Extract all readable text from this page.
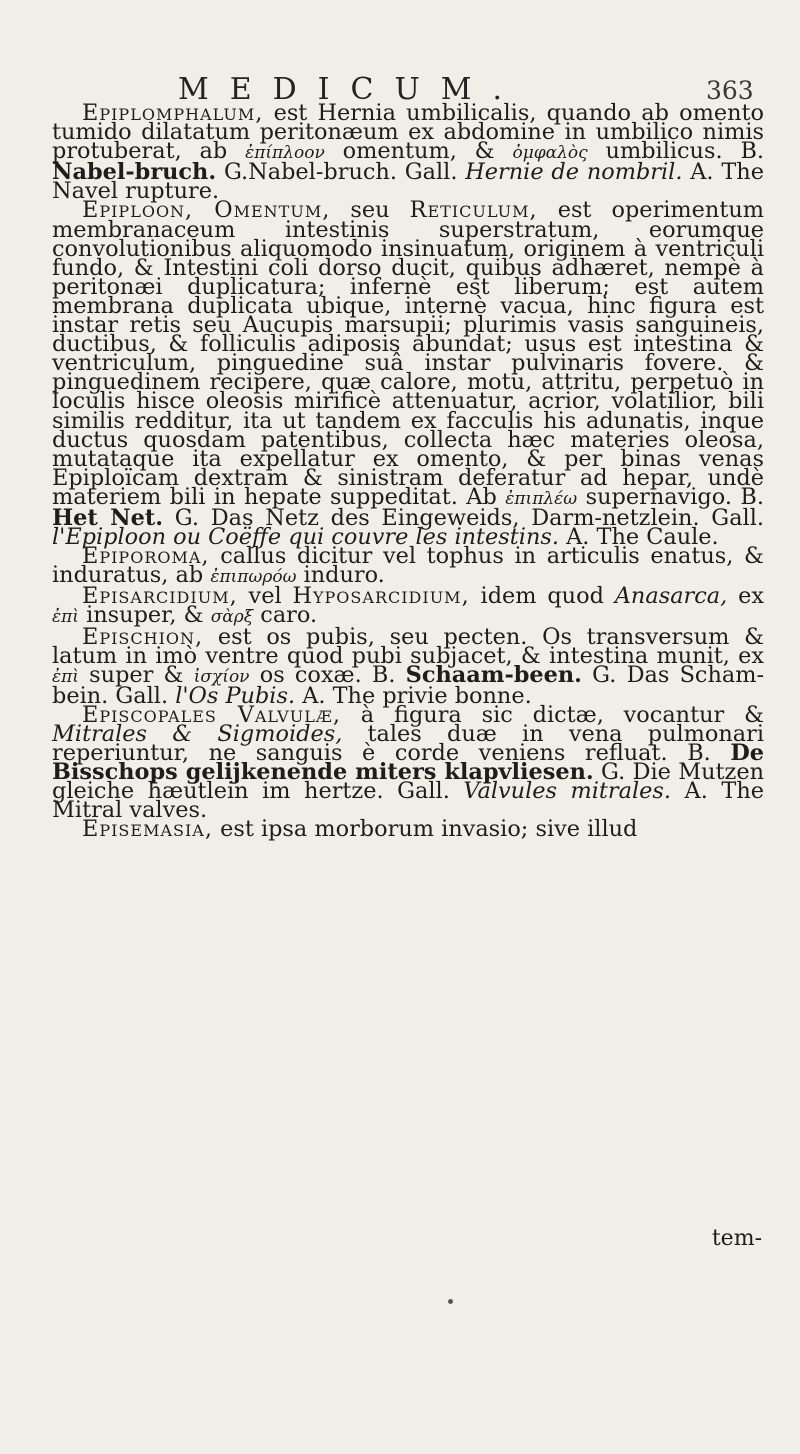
MEDICUM.	363

Epiplomphalum, est Hernia umbilicalis, quando ab omento tumido dilatatum peritonæum ex abdomine in umbilico nimis protuberat, ab ἐπίπλοον omentum, & ὀμφαλὸς umbilicus. B. Nabel-bruch. G.Nabel-bruch. Gall. Hernie de nombril. A. The Navel rupture.

Epiploon, Omentum, seu Reticulum, est operimentum membranaceum intestinis superstratum, eorumque convolutionibus aliquomodo insinuatum, originem à ventriculi fundo, & Intestini coli dorso ducit, quibus adhæret, nempè à peritonæi duplicatura; infernè est liberum; est autem membrana duplicata ubique, internè vacua, hinc figura est instar retis seu Aucupis marsupii; plurimis vasis sanguineis, ductibus, & folliculis adiposis abundat; usus est intestina & ventriculum, pinguedine suâ instar pulvinaris fovere. & pinguedinem recipere, quæ calore, motu, attritu, perpetuò in loculis hisce oleosis mirificè attenuatur, acrior, volatilior, bili similis redditur, ita ut tandem ex facculis his adunatis, inque ductus quosdam patentibus, collecta hæc materies oleosa, mutataque ita expellatur ex omento, & per binas venas Epiploïcam dextram & sinistram deferatur ad hepar, undè materiem bili in hepate suppeditat. Ab ἐπιπλέω supernavigo. B. Het Net. G. Das Netz des Eingeweids, Darm-netzlein. Gall. l'Epiploon ou Coëffe qui couvre les intestins. A. The Caule.

Epiporoma, callus dicitur vel tophus in articulis enatus, & induratus, ab ἐπιπωρόω induro.

Episarcidium, vel Hyposarcidium, idem quod Anasarca, ex ἐπὶ insuper, & σὰρξ caro.

Epischion, est os pubis, seu pecten. Os transversum & latum in imò ventre quod pubi subjacet, & intestina munit, ex ἐπὶ super & ἰσχίον os coxæ. B. Schaam-been. G. Das Scham-bein. Gall. l'Os Pubis. A. The privie bonne.

Episcopales Valvulæ, à figura sic dictæ, vocantur & Mitrales & Sigmoides, tales duæ in vena pulmonari reperiuntur, ne sanguis è corde veniens refluat. B. De Bisschops gelijkenende miters klapvliesen. G. Die Mutzen gleiche hæutlein im hertze. Gall. Valvules mitrales. A. The Mitral valves.

Episemasia, est ipsa morborum invasio; sive illud

tem-
